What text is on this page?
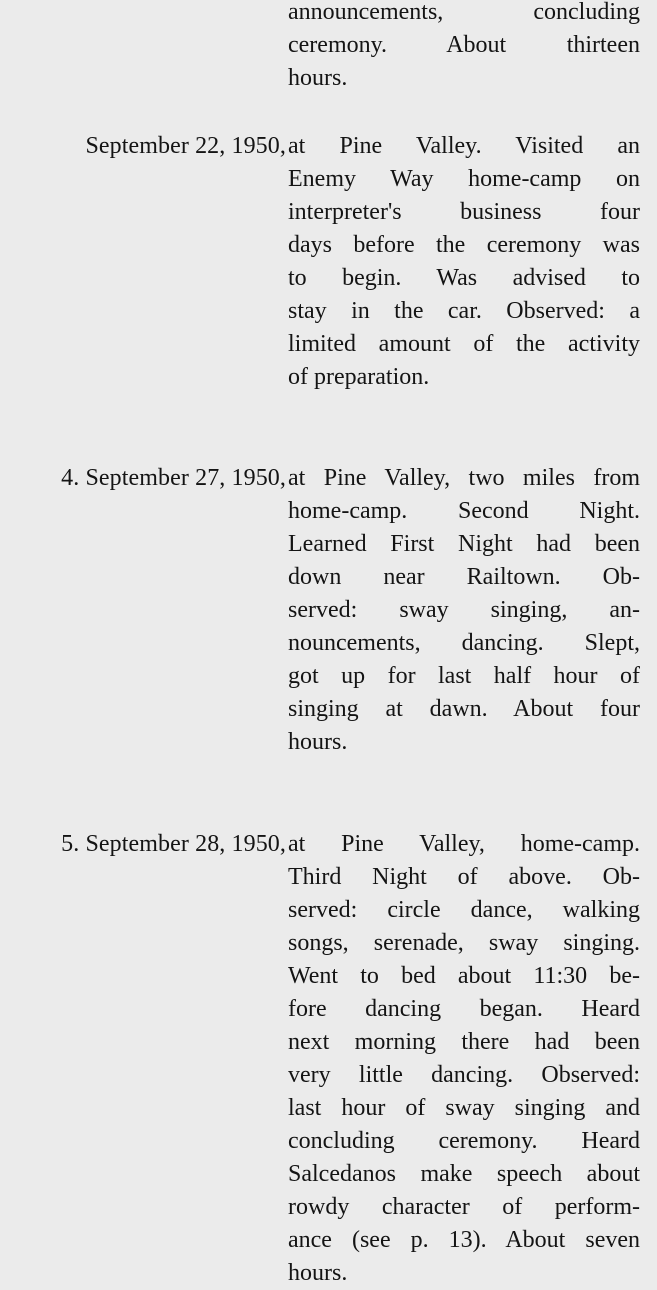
announcements, concluding
ceremony. About thirteen
hours.
September 22, 1950, at Pine Valley. Visited an
Enemy Way home-camp on
interpreter's business four
days before the ceremony was
to begin. Was advised to
stay in the car. Observed: a
limited amount of the activity
of preparation.
4. September 27, 1950, at Pine Valley, two miles from
home-camp. Second Night.
Learned First Night had been
down near Railtown. Ob-
served: sway singing, an-
nouncements, dancing. Slept,
got up for last half hour of
singing at dawn. About four
hours.
5. September 28, 1950, at Pine Valley, home-camp.
Third Night of above. Ob-
served: circle dance, walking
songs, serenade, sway singing.
Went to bed about 11:30 be-
fore dancing began. Heard
next morning there had been
very little dancing. Observed:
last hour of sway singing and
concluding ceremony. Heard
Salcedanos make speech about
rowdy character of perform-
ance (see p. 13). About seven
hours.
